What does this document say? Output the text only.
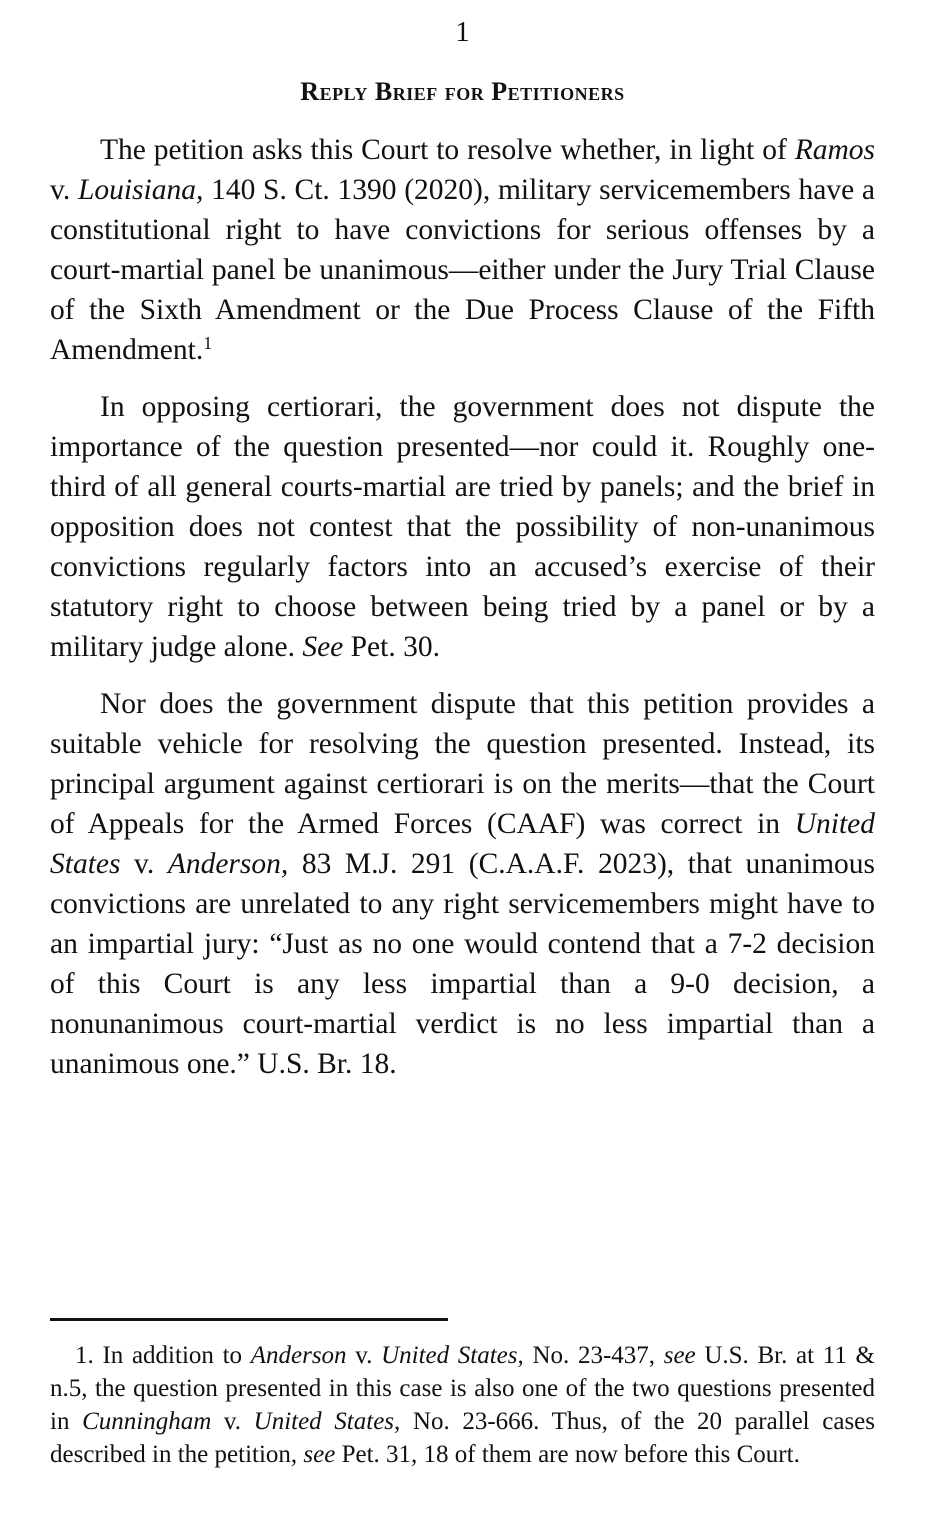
1
Reply Brief for Petitioners

The petition asks this Court to resolve whether, in light of Ramos v. Louisiana, 140 S. Ct. 1390 (2020), military servicemembers have a constitutional right to have convictions for serious offenses by a court-martial panel be unanimous—either under the Jury Trial Clause of the Sixth Amendment or the Due Process Clause of the Fifth Amendment.$^1$

In opposing certiorari, the government does not dispute the importance of the question presented—nor could it. Roughly one-third of all general courts-martial are tried by panels; and the brief in opposition does not contest that the possibility of non-unanimous convictions regularly factors into an accused’s exercise of their statutory right to choose between being tried by a panel or by a military judge alone. See Pet. 30.

Nor does the government dispute that this petition provides a suitable vehicle for resolving the question presented. Instead, its principal argument against certiorari is on the merits—that the Court of Appeals for the Armed Forces (CAAF) was correct in United States v. Anderson, 83 M.J. 291 (C.A.A.F. 2023), that unanimous convictions are unrelated to any right servicemembers might have to an impartial jury: “Just as no one would contend that a 7-2 decision of this Court is any less impartial than a 9-0 decision, a nonunanimous court-martial verdict is no less impartial than a unanimous one.” U.S. Br. 18.

1. In addition to Anderson v. United States, No. 23-437, see U.S. Br. at 11 & n.5, the question presented in this case is also one of the two questions presented in Cunningham v. United States, No. 23-666. Thus, of the 20 parallel cases described in the petition, see Pet. 31, 18 of them are now before this Court.
